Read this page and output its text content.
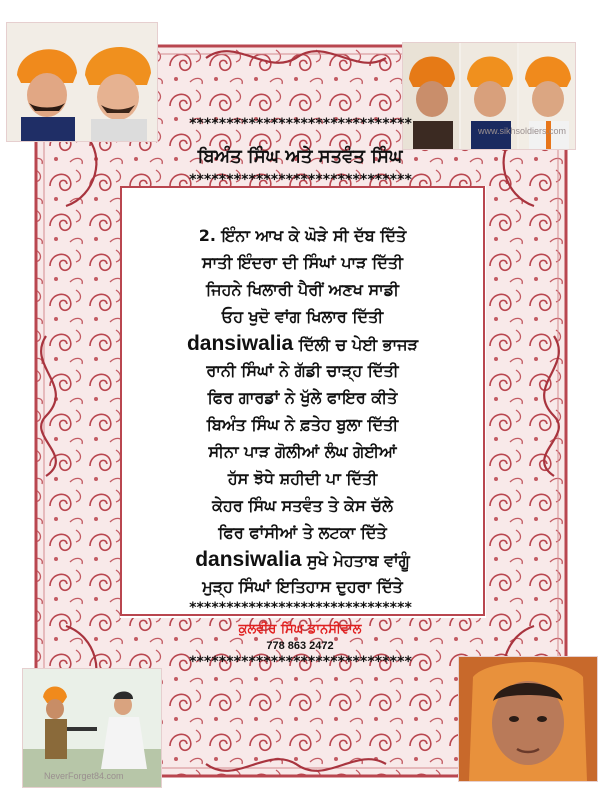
www.sikhsoldiers.com
NeverForget84.com
******************************
ਬਿਅੰਤ ਸਿੰਘ ਅਤੇ ਸਤਵੰਤ ਸਿੰਘ
******************************
2. ਇੰਨਾ ਆਖ ਕੇ ਘੋੜੇ ਸੀ ਦੱਬ ਦਿੱਤੇ
ਸਾਤੀ ਇੰਦਰਾ ਦੀ ਸਿੰਘਾਂ ਪਾੜ ਦਿੱਤੀ
ਜਿਹਨੇ ਖਿਲਾਰੀ ਪੈਰੀਂ ਅਣਖ ਸਾਡੀ
ਓਹ ਖੁਦੋ ਵਾਂਗ ਖਿਲਾਰ ਦਿੱਤੀ
dansiwalia ਦਿੱਲੀ ਚ ਪੇਈ ਭਾਜੜ
ਰਾਨੀ ਸਿੰਘਾਂ ਨੇ ਗੱਡੀ ਚਾੜ੍ਹ ਦਿੱਤੀ
ਫਿਰ ਗਾਰਡਾਂ ਨੇ ਖੁੱਲੇ ਫਾਇਰ ਕੀਤੇ
ਬਿਅੰਤ ਸਿੰਘ ਨੇ ਫ਼ਤੇਹ ਬੁਲਾ ਦਿੱਤੀ
ਸੀਨਾ ਪਾੜ ਗੋਲੀਆਂ ਲੰਘ ਗੇਈਆਂ
ਹੱਸ ਝੋਧੇ ਸ਼ਹੀਦੀ ਪਾ ਦਿੱਤੀ
ਕੇਹਰ ਸਿੰਘ ਸਤਵੰਤ ਤੇ ਕੇਸ ਚੱਲੇ
ਫਿਰ ਫਾਂਸੀਆਂ ਤੇ ਲਟਕਾ ਦਿੱਤੇ
dansiwalia ਸੁਖੇ ਮੇਹਤਾਬ ਵਾਂਗੂੰ
ਮੁੜ੍ਹ ਸਿੰਘਾਂ ਇਤਿਹਾਸ ਦੁਹਰਾ ਦਿੱਤੇ
******************************
ਕੁਲਵੀਰ ਸਿੰਘ ਡਾਨਸੀਵਾਲ
778 863 2472
******************************
